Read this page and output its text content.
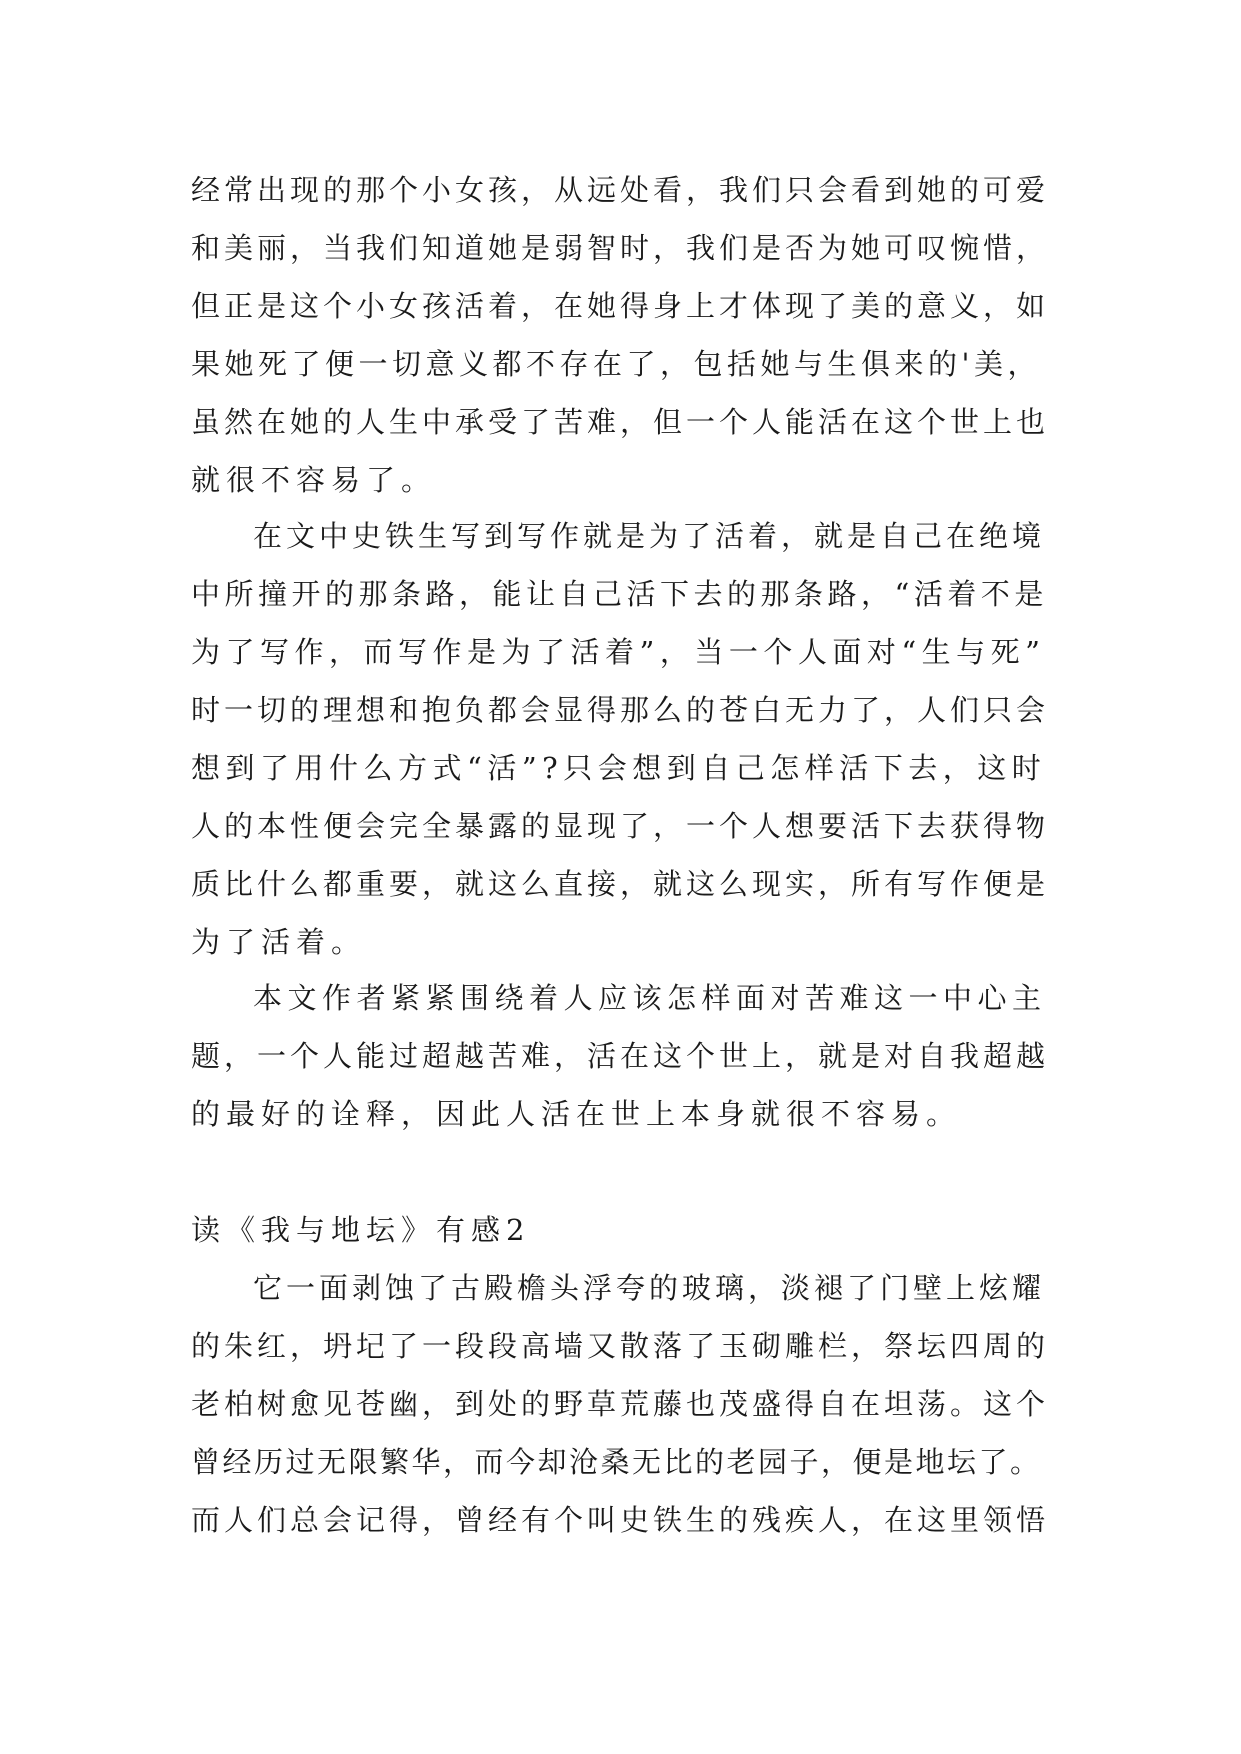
经常出现的那个小女孩，从远处看，我们只会看到她的可爱
和美丽，当我们知道她是弱智时，我们是否为她可叹惋惜，
但正是这个小女孩活着，在她得身上才体现了美的意义，如
果她死了便一切意义都不存在了，包括她与生俱来的'美，
虽然在她的人生中承受了苦难，但一个人能活在这个世上也
就很不容易了。
在文中史铁生写到写作就是为了活着，就是自己在绝境
中所撞开的那条路，能让自己活下去的那条路，“活着不是
为了写作，而写作是为了活着”，当一个人面对“生与死”
时一切的理想和抱负都会显得那么的苍白无力了，人们只会
想到了用什么方式“活”?只会想到自己怎样活下去，这时
人的本性便会完全暴露的显现了，一个人想要活下去获得物
质比什么都重要，就这么直接，就这么现实，所有写作便是
为了活着。
本文作者紧紧围绕着人应该怎样面对苦难这一中心主
题，一个人能过超越苦难，活在这个世上，就是对自我超越
的最好的诠释，因此人活在世上本身就很不容易。
读《我与地坛》有感2
它一面剥蚀了古殿檐头浮夸的玻璃，淡褪了门壁上炫耀
的朱红，坍圮了一段段高墙又散落了玉砌雕栏，祭坛四周的
老柏树愈见苍幽，到处的野草荒藤也茂盛得自在坦荡。这个
曾经历过无限繁华，而今却沧桑无比的老园子，便是地坛了。
而人们总会记得，曾经有个叫史铁生的残疾人，在这里领悟
